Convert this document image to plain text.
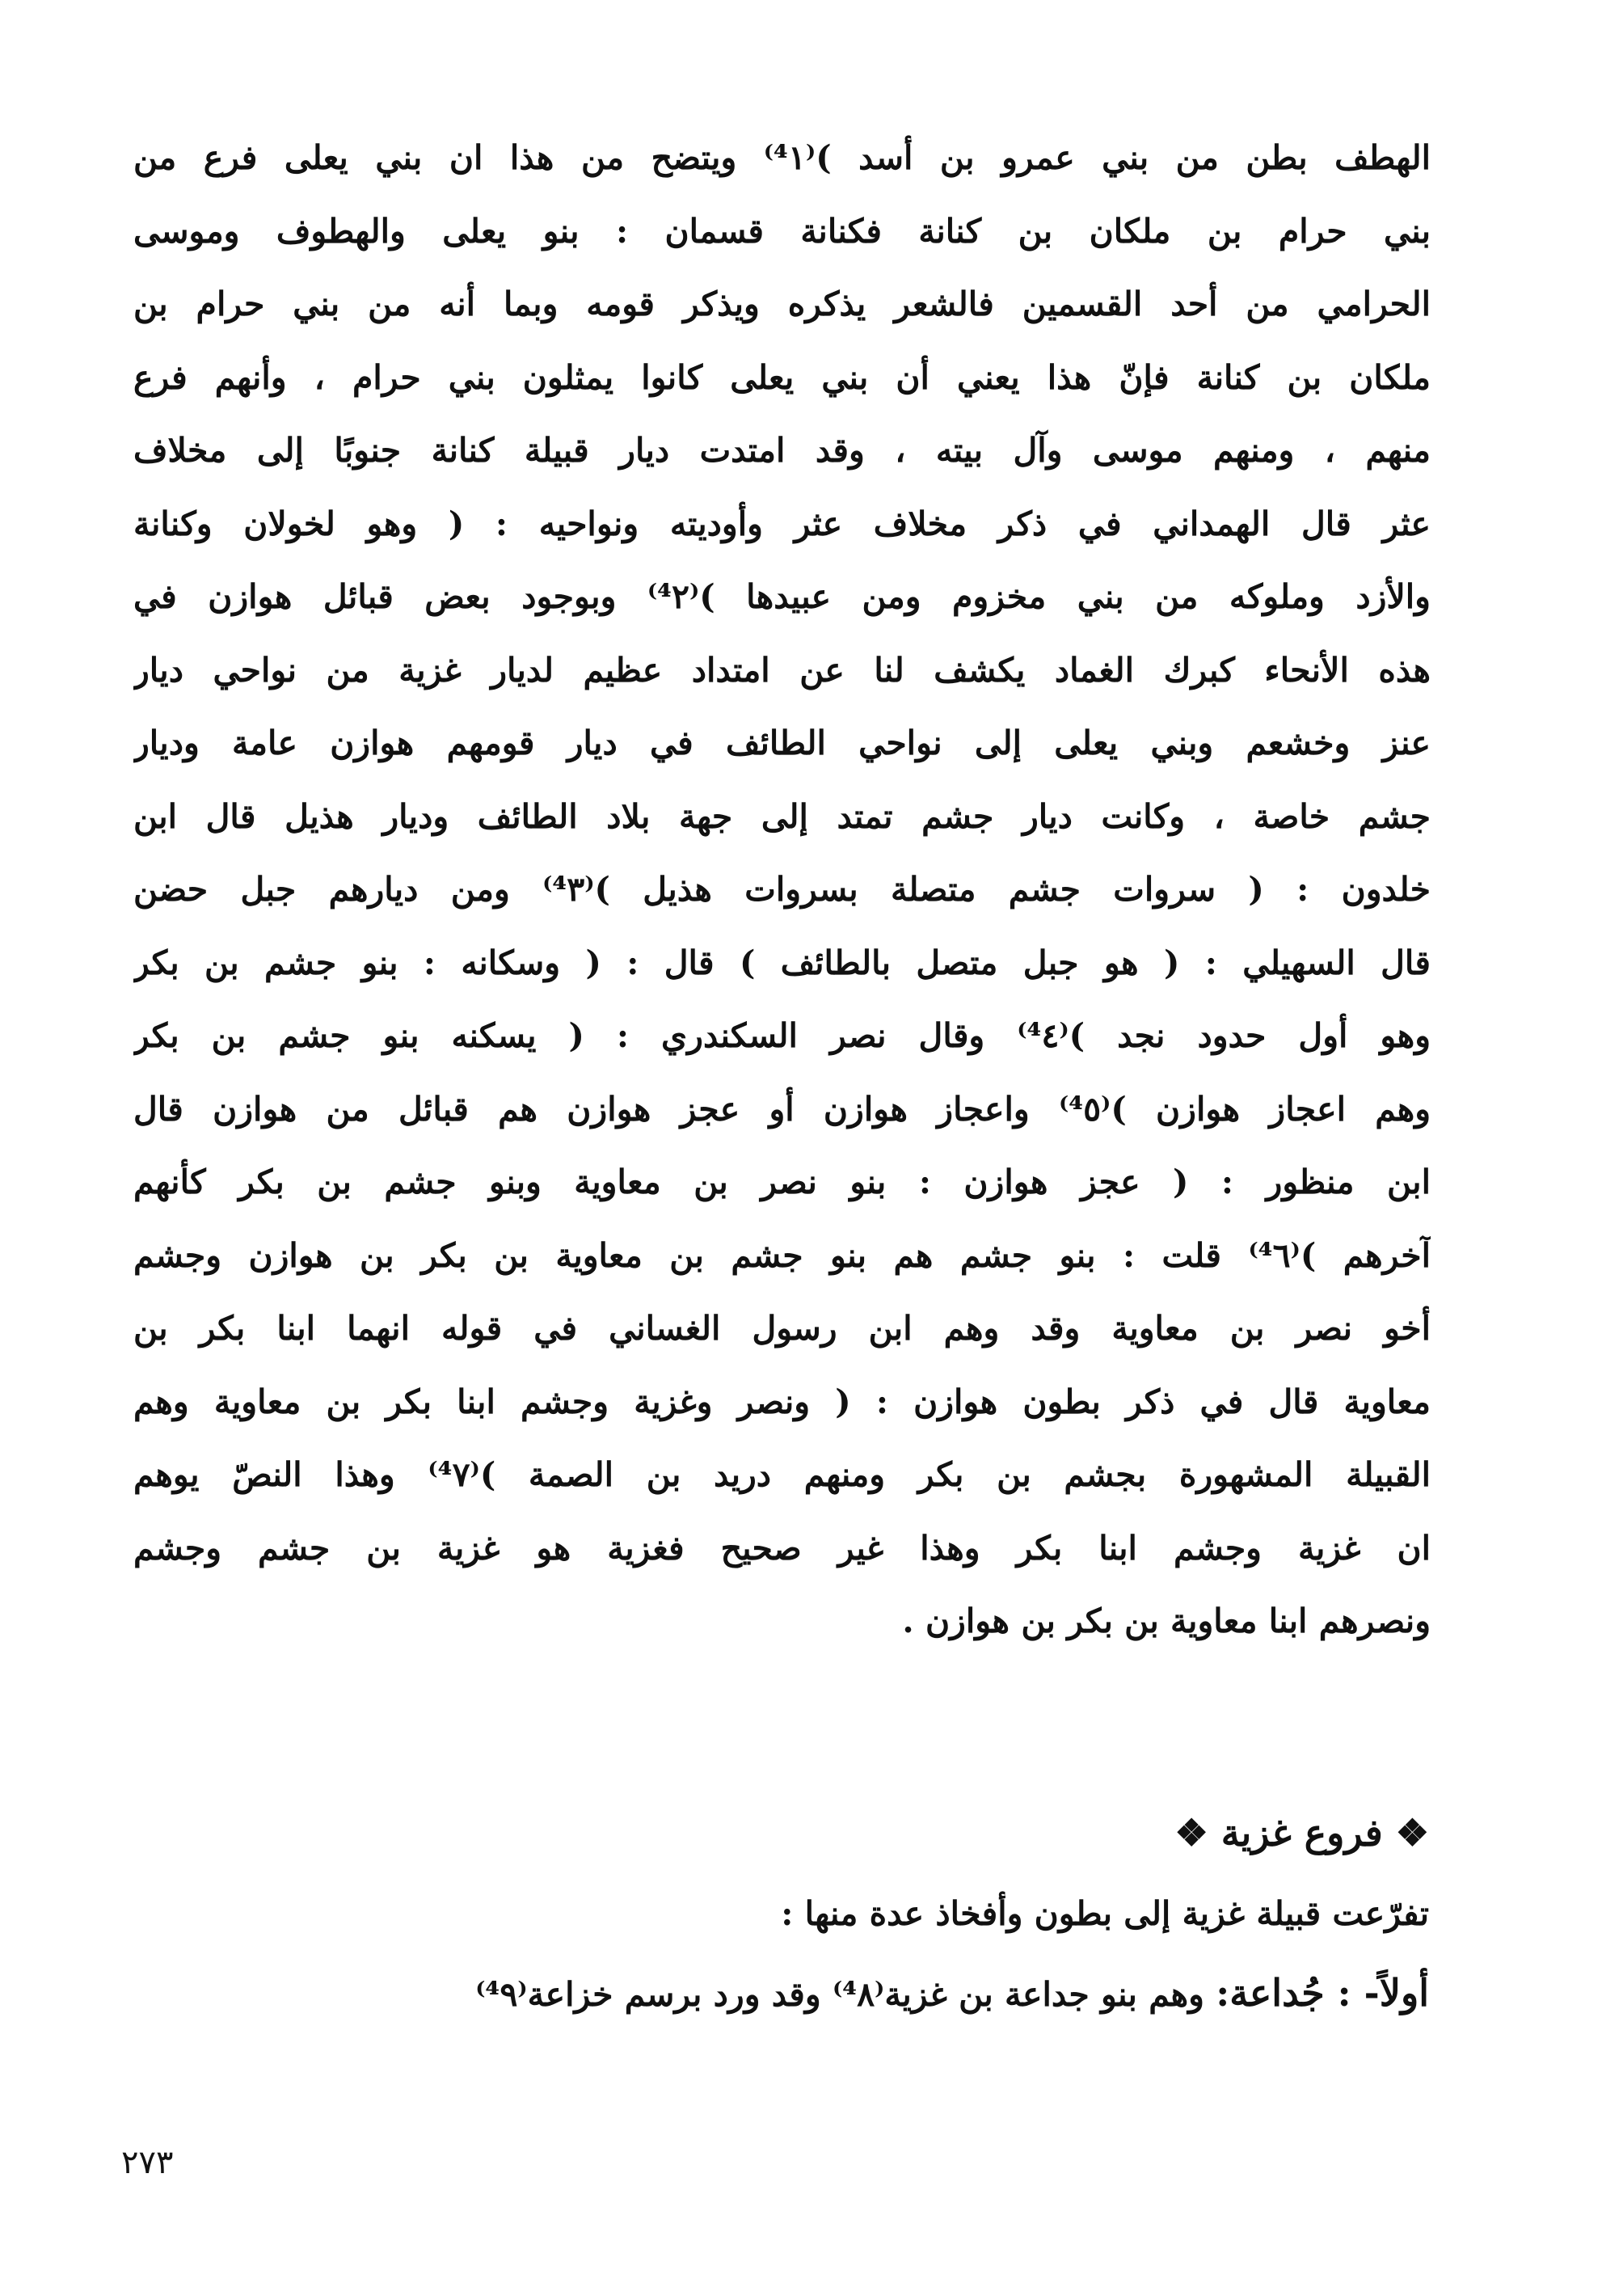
الهطف بطن من بني عمرو بن أسد )⁽⁴١⁾ ويتضح من هذا ان بني يعلى فرع من
بني حرام بن ملكان بن كنانة فكنانة قسمان : بنو يعلى والهطوف وموسى
الحرامي من أحد القسمين فالشعر يذكره ويذكر قومه وبما أنه من بني حرام بن
ملكان بن كنانة فإنّ هذا يعني أن بني يعلى كانوا يمثلون بني حرام ، وأنهم فرع
منهم ، ومنهم موسى وآل بيته ، وقد امتدت ديار قبيلة كنانة جنوبًا إلى مخلاف
عثر قال الهمداني في ذكر مخلاف عثر وأوديته ونواحيه : ( وهو لخولان وكنانة
والأزد وملوكه من بني مخزوم ومن عبيدها )⁽⁴٢⁾ وبوجود بعض قبائل هوازن في
هذه الأنحاء كبرك الغماد يكشف لنا عن امتداد عظيم لديار غزية من نواحي ديار
عنز وخشعم وبني يعلى إلى نواحي الطائف في ديار قومهم هوازن عامة وديار
جشم خاصة ، وكانت ديار جشم تمتد إلى جهة بلاد الطائف وديار هذيل قال ابن
خلدون : ( سروات جشم متصلة بسروات هذيل )⁽⁴٣⁾ ومن ديارهم جبل حضن
قال السهيلي : ( هو جبل متصل بالطائف ) قال : ( وسكانه : بنو جشم بن بكر
وهو أول حدود نجد )⁽⁴٤⁾ وقال نصر السكندري : ( يسكنه بنو جشم بن بكر
وهم اعجاز هوازن )⁽⁴٥⁾ واعجاز هوازن أو عجز هوازن هم قبائل من هوازن قال
ابن منظور : ( عجز هوازن : بنو نصر بن معاوية وبنو جشم بن بكر كأنهم
آخرهم )⁽⁴٦⁾ قلت : بنو جشم هم بنو جشم بن معاوية بن بكر بن هوازن وجشم
أخو نصر بن معاوية وقد وهم ابن رسول الغساني في قوله انهما ابنا بكر بن
معاوية قال في ذكر بطون هوازن : ( ونصر وغزية وجشم ابنا بكر بن معاوية وهم
القبيلة المشهورة بجشم بن بكر ومنهم دريد بن الصمة )⁽⁴٧⁾ وهذا النصّ يوهم
ان غزية وجشم ابنا بكر وهذا غير صحيح فغزية هو غزية بن جشم وجشم
ونصرهم ابنا معاوية بن بكر بن هوازن .
❖ فروع غزية ❖
تفرّعت قبيلة غزية إلى بطون وأفخاذ عدة منها :
أولاً- : جُداعة: وهم بنو جداعة بن غزية⁽⁴٨⁾ وقد ورد برسم خزاعة⁽⁴٩⁾
٢٧٣
